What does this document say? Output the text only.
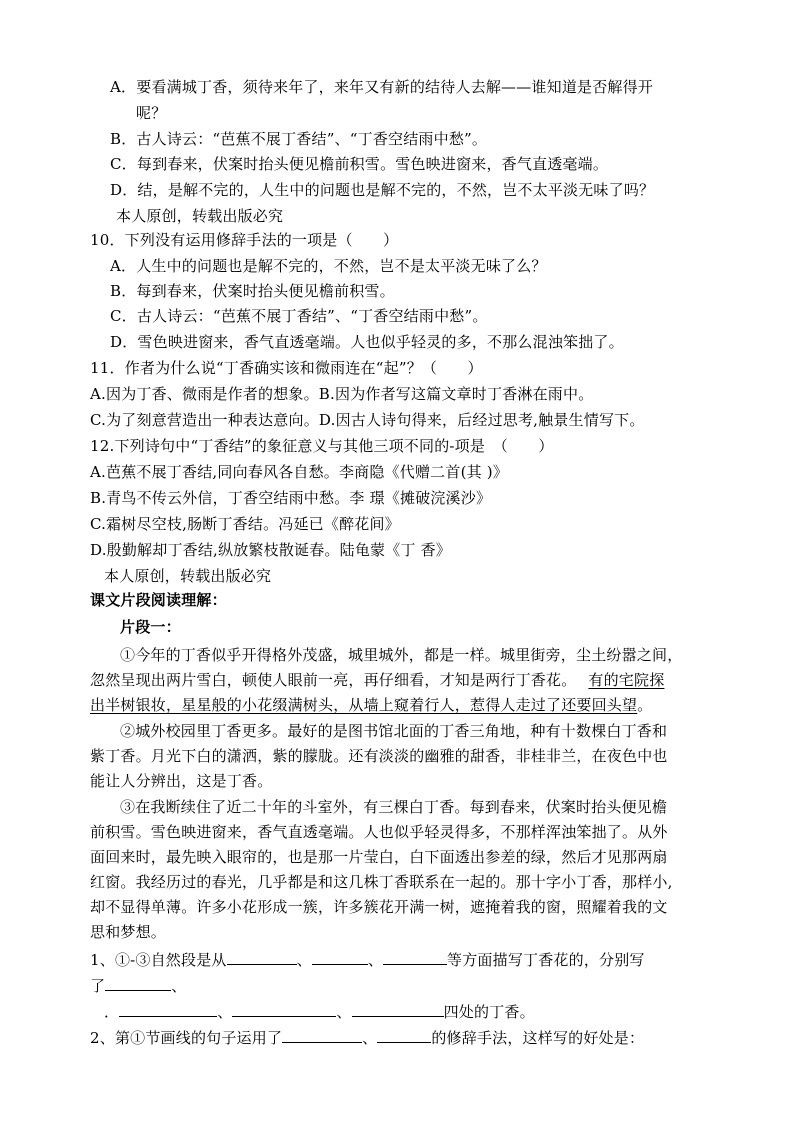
A．要看满城丁香，须待来年了，来年又有新的结待人去解——谁知道是否解得开
呢？
B．古人诗云：“芭蕉不展丁香结”、“丁香空结雨中愁”。
C．每到春来，伏案时抬头便见檐前积雪。雪色映进窗来，香气直透毫端。
D．结，是解不完的，人生中的问题也是解不完的，不然，岂不太平淡无味了吗？
本人原创，转载出版必究
10．下列没有运用修辞手法的一项是（　　）
A．人生中的问题也是解不完的，不然，岂不是太平淡无味了么？
B．每到春来，伏案时抬头便见檐前积雪。
C．古人诗云：“芭蕉不展丁香结”、“丁香空结雨中愁”。
D．雪色映进窗来，香气直透毫端。人也似乎轻灵的多，不那么混浊笨拙了。
11．作者为什么说“丁香确实该和微雨连在“起”？（　　）
A.因为丁香、微雨是作者的想象。B.因为作者写这篇文章时丁香淋在雨中。
C.为了刻意营造出一种表达意向。D.因古人诗句得来，后经过思考,触景生情写下。
12.下列诗句中“丁香结”的象征意义与其他三项不同的-项是　（　　）
A.芭蕉不展丁香结,同向春风各自愁。李商隐《代赠二首(其 )》
B.青鸟不传云外信，丁香空结雨中愁。李 璟《摊破浣溪沙》
C.霜树尽空枝,肠断丁香结。冯延已《醉花间》
D.殷勤解却丁香结,纵放繁枝散诞春。陆龟蒙《丁 香》
本人原创，转载出版必究
课文片段阅读理解：
片段一：
①今年的丁香似乎开得格外茂盛，城里城外，都是一样。城里街旁，尘土纷嚣之间，
忽然呈现出两片雪白，顿使人眼前一亮，再仔细看，才知是两行丁香花。 有的宅院探
出半树银妆，星星般的小花缀满树头，从墙上窥着行人，惹得人走过了还要回头望。
②城外校园里丁香更多。最好的是图书馆北面的丁香三角地，种有十数棵白丁香和
紫丁香。月光下白的潇洒，紫的朦胧。还有淡淡的幽雅的甜香，非桂非兰，在夜色中也
能让人分辨出，这是丁香。
③在我断续住了近二十年的斗室外，有三棵白丁香。每到春来，伏案时抬头便见檐
前积雪。雪色映进窗来，香气直透毫端。人也似乎轻灵得多，不那样浑浊笨拙了。从外
面回来时，最先映入眼帘的，也是那一片莹白，白下面透出参差的绿，然后才见那两扇
红窗。我经历过的春光，几乎都是和这几株丁香联系在一起的。那十字小丁香，那样小,
却不显得单薄。许多小花形成一簇，许多簇花开满一树，遮掩着我的窗，照耀着我的文
思和梦想。
1、①-③自然段是从	、	、	等方面描写丁香花的，分别写
了	、
．	、	、	四处的丁香。
2、第①节画线的句子运用了	、	的修辞手法，这样写的好处是：
